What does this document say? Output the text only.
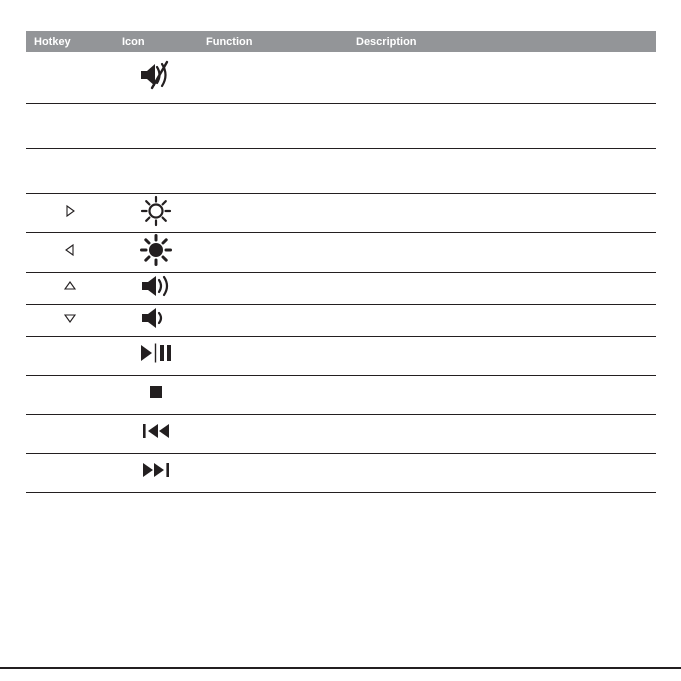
Hotkey	Icon	Function	Description
